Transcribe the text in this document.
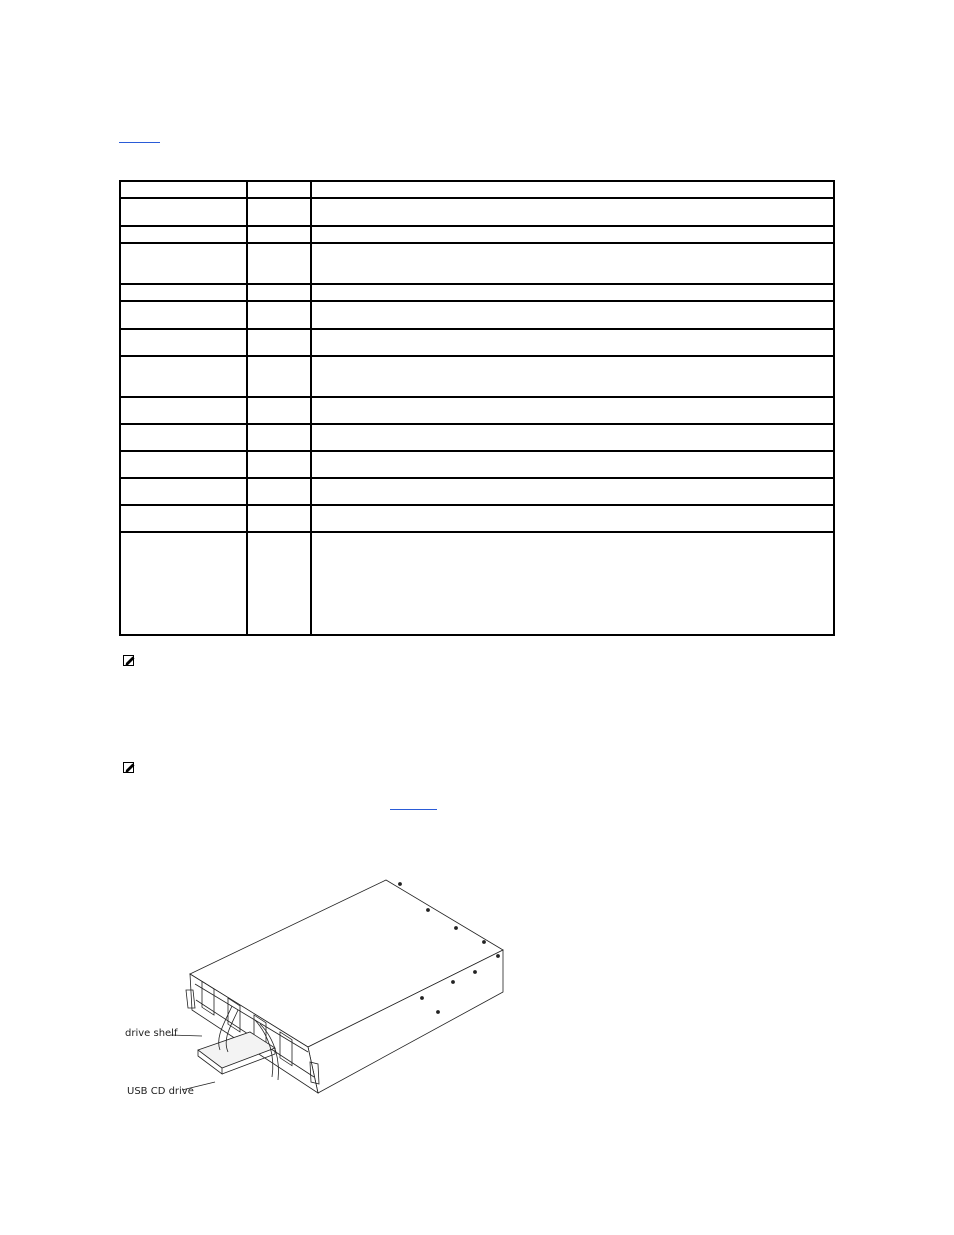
drive shelf
USB CD drive
